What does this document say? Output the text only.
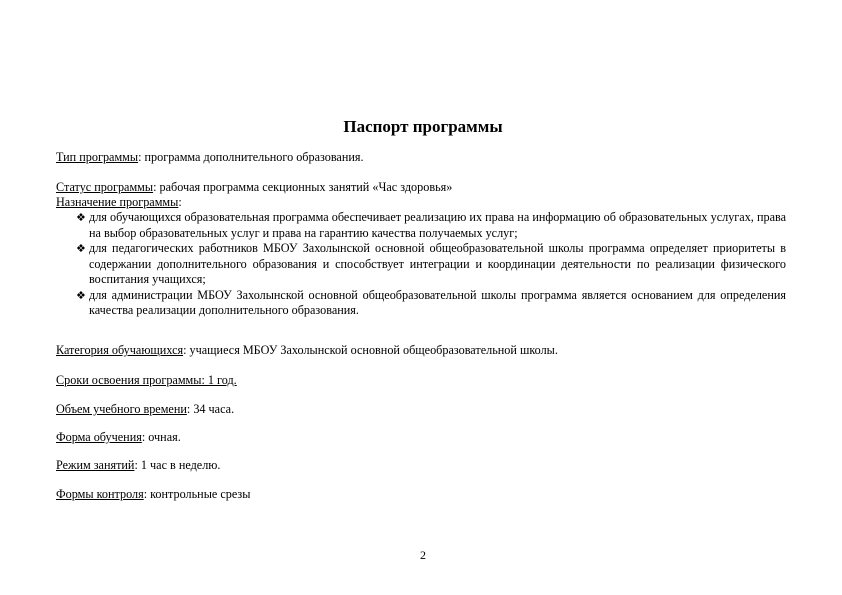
Паспорт программы
Тип программы: программа дополнительного образования.
Статус программы: рабочая программа секционных занятий «Час здоровья»
Назначение программы:
❖ для обучающихся образовательная программа обеспечивает реализацию их права на информацию об образовательных услугах, права на выбор образовательных услуг и права на гарантию качества получаемых услуг;
❖ для педагогических работников МБОУ Захолынской основной общеобразовательной школы программа определяет приоритеты в содержании дополнительного образования и способствует интеграции и координации деятельности по реализации физического воспитания учащихся;
❖ для администрации МБОУ Захолынской основной общеобразовательной школы программа является основанием для определения качества реализации дополнительного образования.
Категория обучающихся: учащиеся МБОУ Захолынской основной общеобразовательной школы.
Сроки освоения программы: 1 год.
Объем учебного времени: 34 часа.
Форма обучения: очная.
Режим занятий: 1 час в неделю.
Формы контроля: контрольные срезы
2
